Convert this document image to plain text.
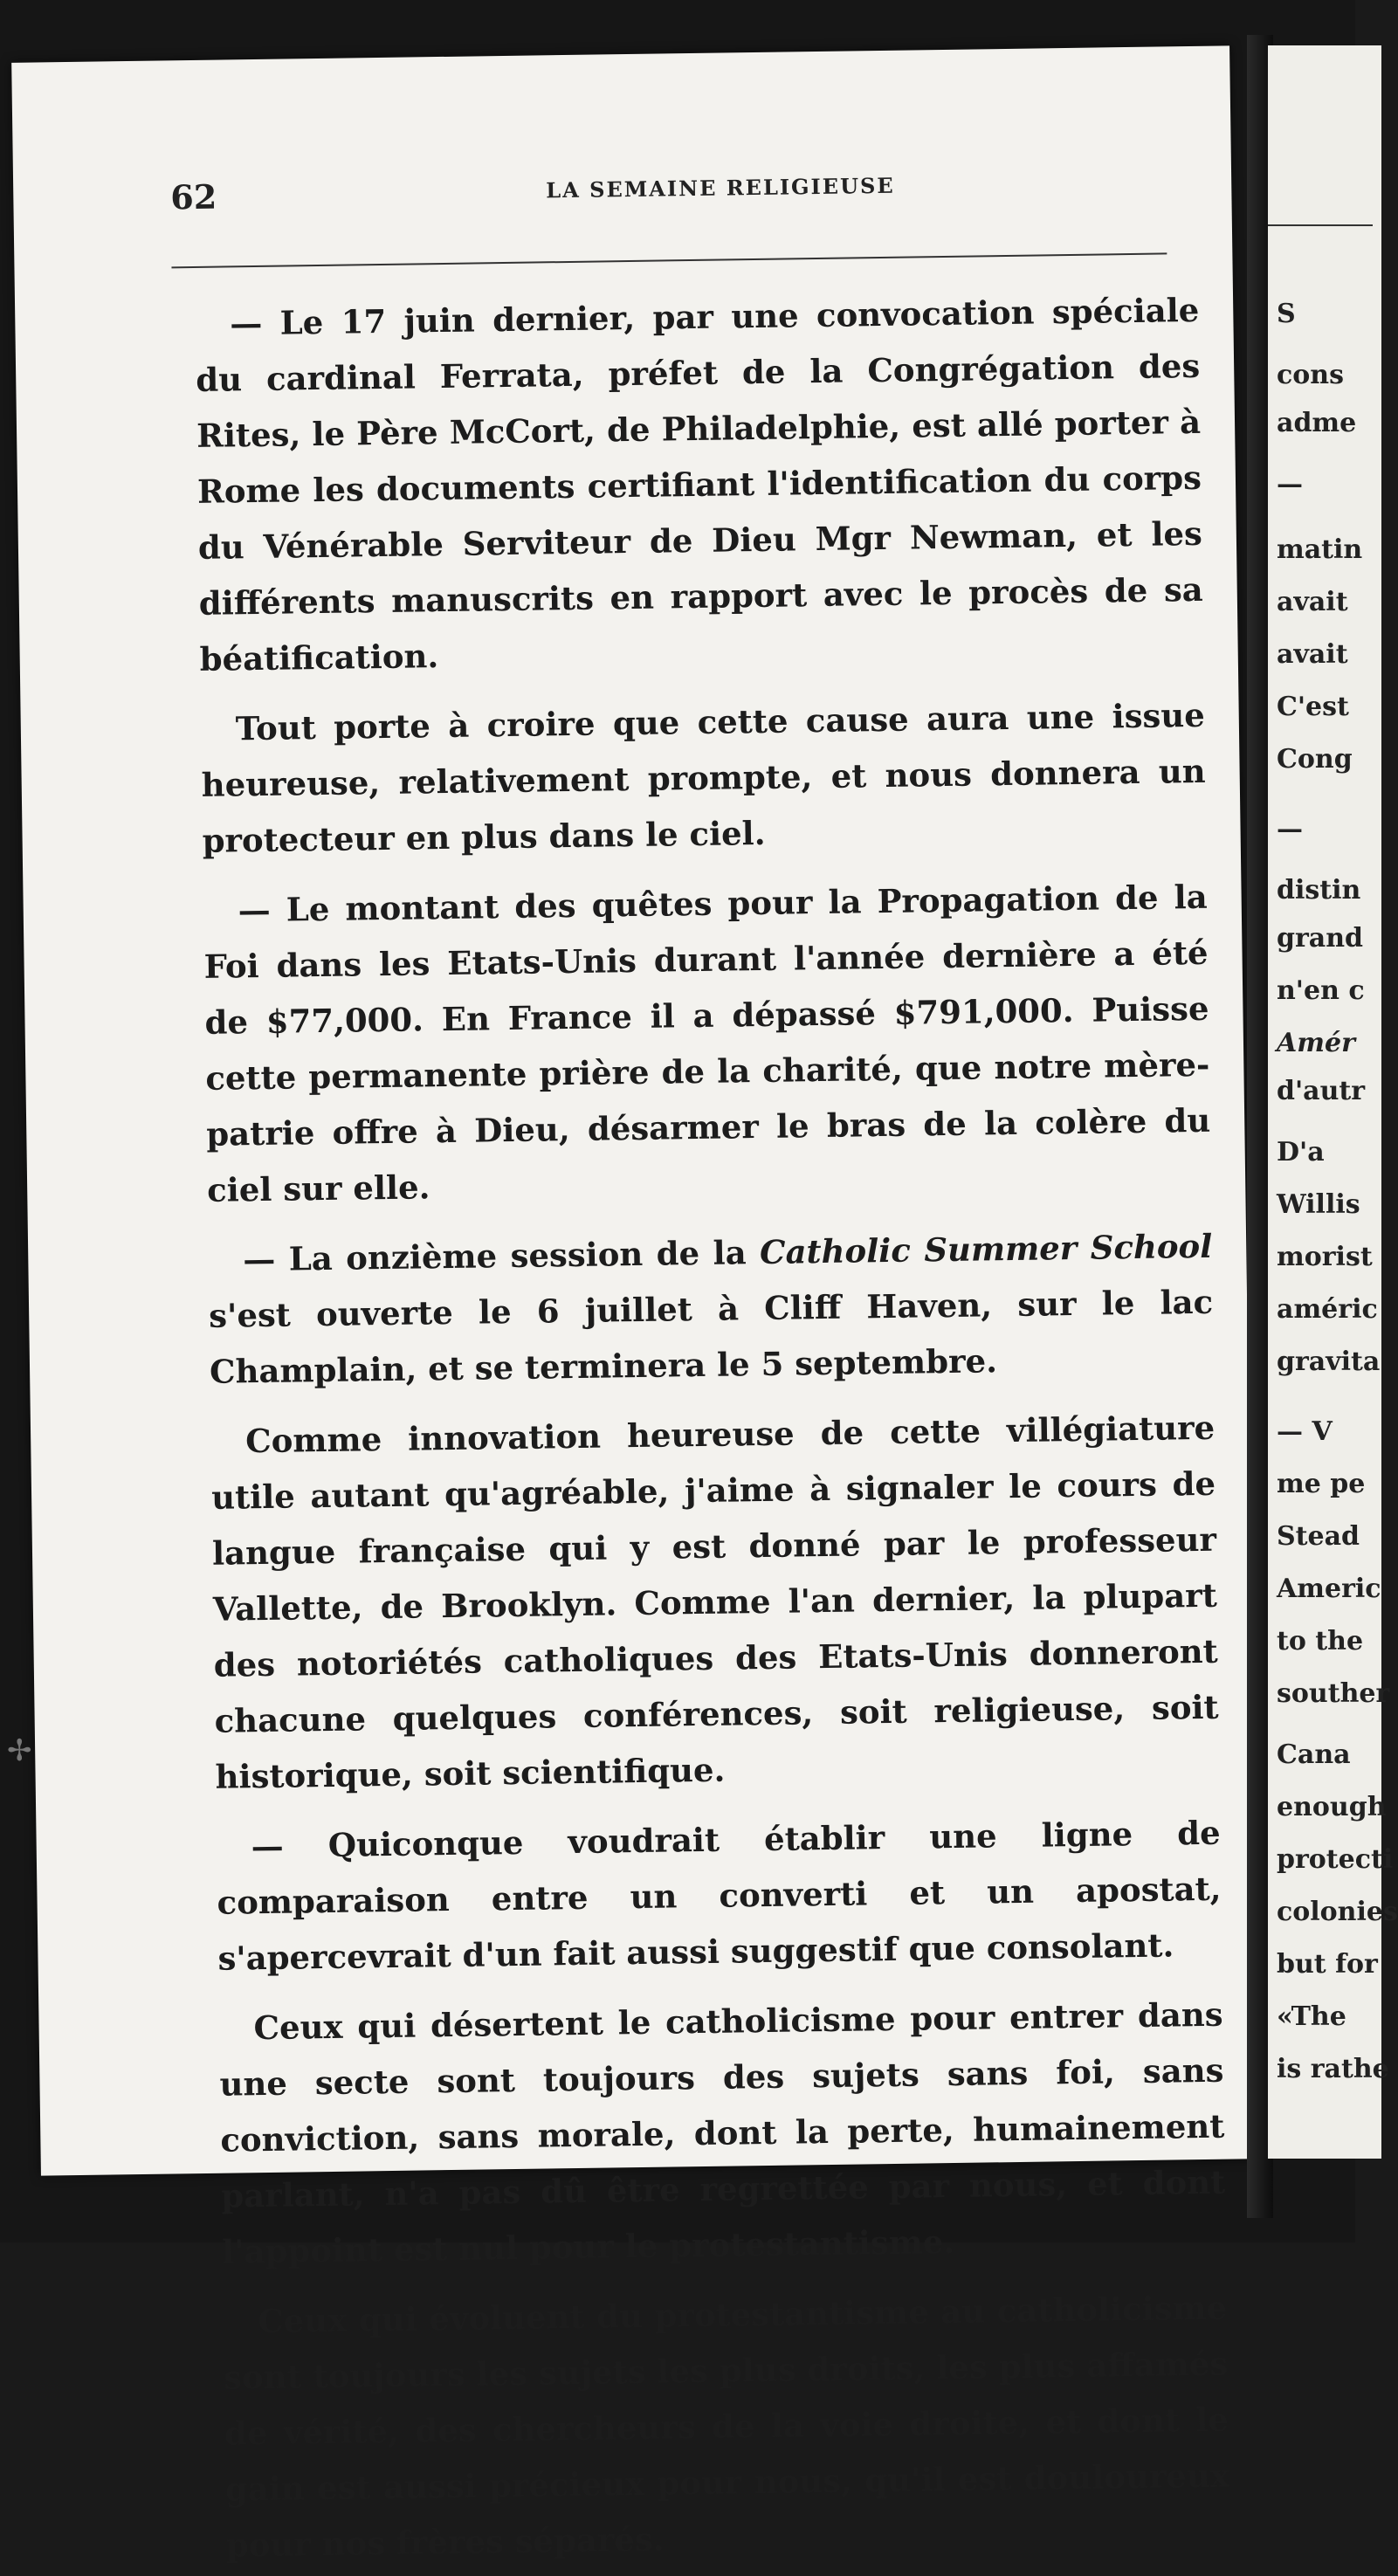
62	LA SEMAINE RELIGIEUSE

— Le 17 juin dernier, par une convocation spéciale du cardinal Ferrata, préfet de la Congrégation des Rites, le Père McCort, de Philadelphie, est allé porter à Rome les documents certifiant l'identification du corps du Vénérable Serviteur de Dieu Mgr Newman, et les différents manuscrits en rapport avec le procès de sa béatification.

Tout porte à croire que cette cause aura une issue heureuse, relativement prompte, et nous donnera un protecteur en plus dans le ciel.

— Le montant des quêtes pour la Propagation de la Foi dans les Etats-Unis durant l'année dernière a été de $77,000. En France il a dépassé $791,000. Puisse cette permanente prière de la charité, que notre mère-patrie offre à Dieu, désarmer le bras de la colère du ciel sur elle.

— La onzième session de la Catholic Summer School s'est ouverte le 6 juillet à Cliff Haven, sur le lac Champlain, et se terminera le 5 septembre.

Comme innovation heureuse de cette villégiature utile autant qu'agréable, j'aime à signaler le cours de langue française qui y est donné par le professeur Vallette, de Brooklyn. Comme l'an dernier, la plupart des notoriétés catholiques des Etats-Unis donneront chacune quelques conférences, soit religieuse, soit historique, soit scientifique.

— Quiconque voudrait établir une ligne de comparaison entre un converti et un apostat, s'apercevrait d'un fait aussi suggestif que consolant.

Ceux qui désertent le catholicisme pour entrer dans une secte sont toujours des sujets sans foi, sans conviction, sans morale, dont la perte, humainement parlant, n'a pas dû être regrettée par nous, et dont l'appoint est nul pour le protestantisme.

Ceux qui évoluent du protestantisme au catholicisme sont toujours les sujets les plus droits, les plus affamés de vérité, des chercheurs de la voie droite, et dont le gain est aussi précieux pour nous, qu'il est douloureux pour nos frères séparés.

S
cons
adme
—
matin
avait
avait
C'est
Cong
—
distin
grand
n'en c
Amér
d'autr
D'a
Willis
morist
améric
gravita
— V
me pe
Stead
Americ
to the
souther
Cana
enough
protecti
colonies
but for
«The
is rathe
✢
